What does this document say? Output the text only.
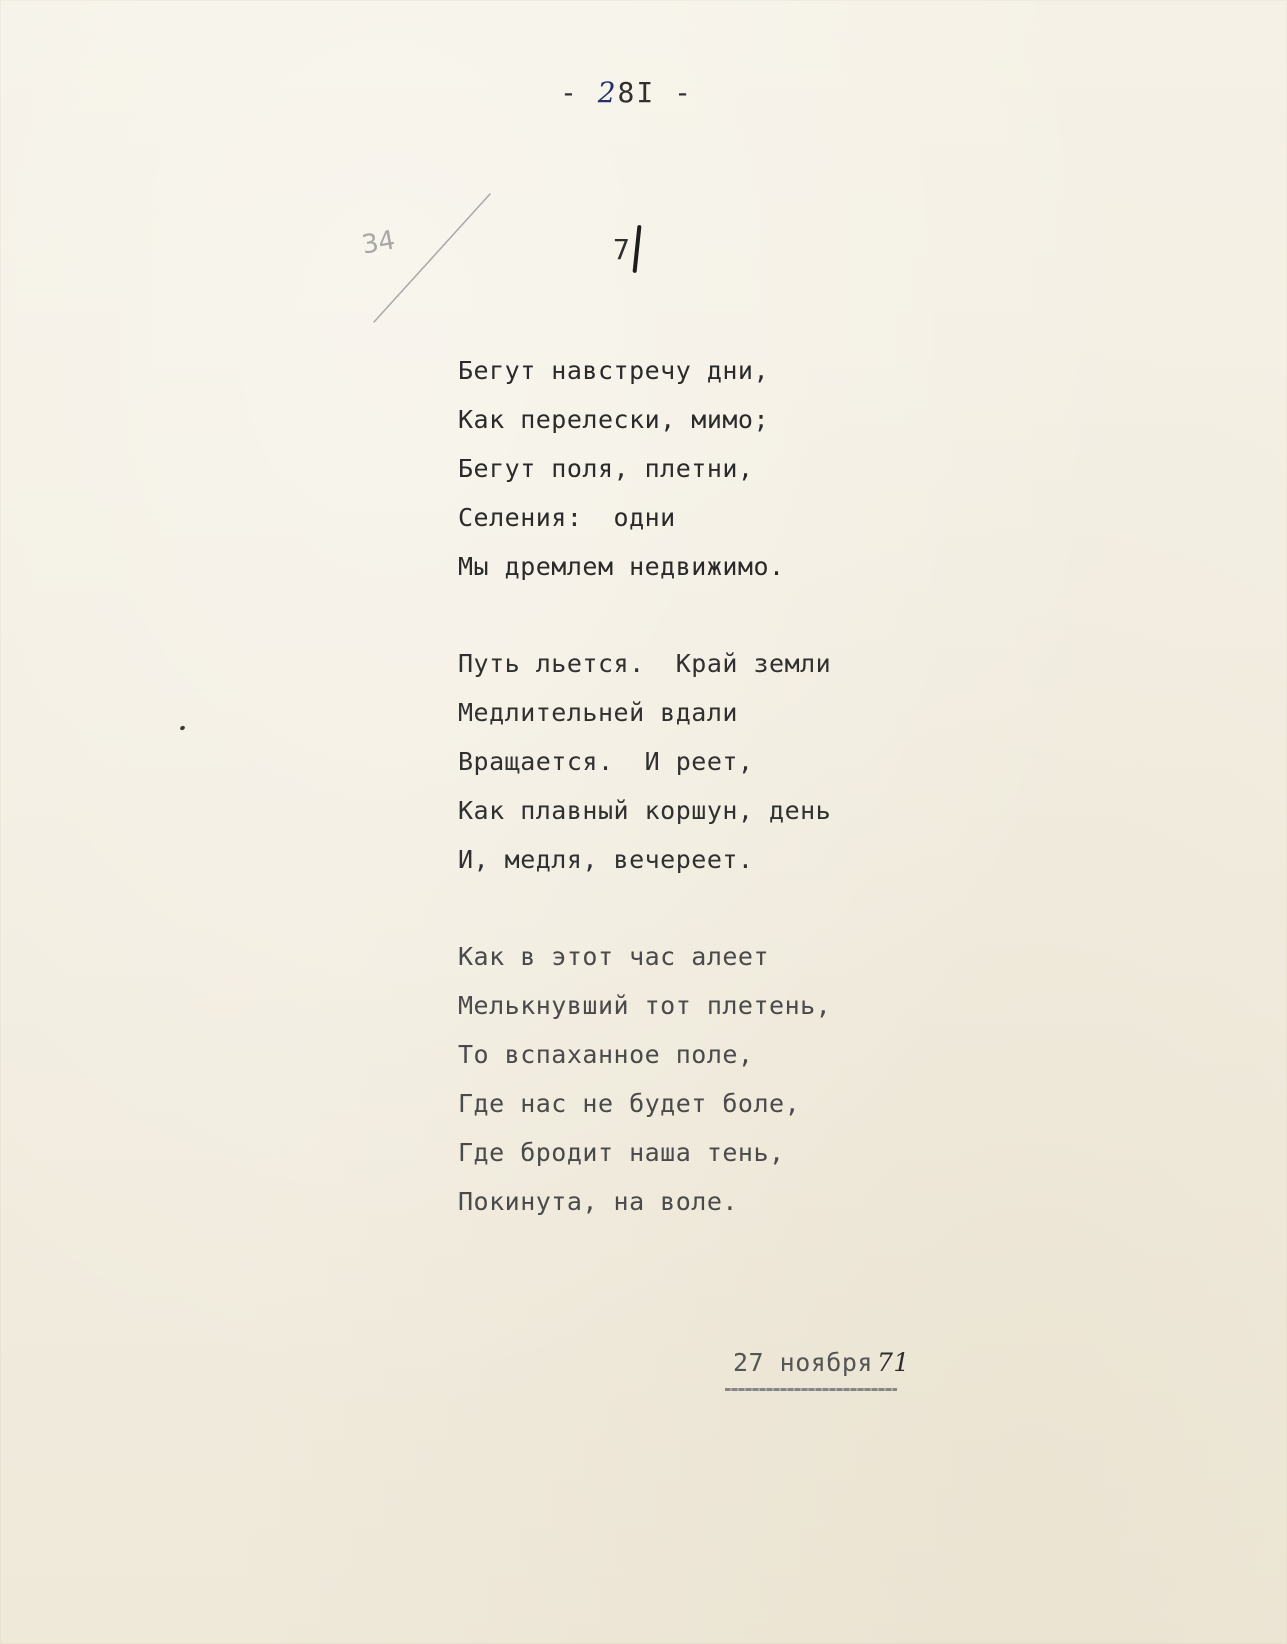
- 28I -
34	7
Бегут навстречу дни,
Как перелески, мимо;
Бегут поля, плетни,
Селения:  одни
Мы дремлем недвижимо.
Путь льется.  Край земли
Медлительней вдали
Вращается.  И реет,
Как плавный коршун, день
И, медля, вечереет.
Как в этот час алеет
Мелькнувший тот плетень,
То вспаханное поле,
Где нас не будет боле,
Где бродит наша тень,
Покинута, на воле.
27 ноября 71
